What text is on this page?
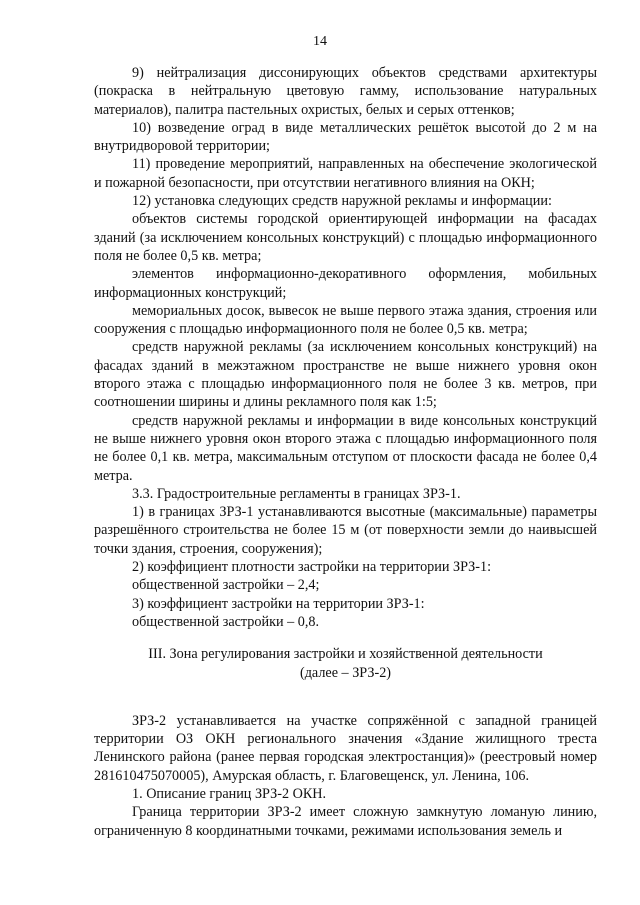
14

9) нейтрализация диссонирующих объектов средствами архитектуры (покраска в нейтральную цветовую гамму, использование натуральных материалов), палитра пастельных охристых, белых и серых оттенков;

10) возведение оград в виде металлических решёток высотой до 2 м на внутридворовой территории;

11) проведение мероприятий, направленных на обеспечение экологической и пожарной безопасности, при отсутствии негативного влияния на ОКН;

12) установка следующих средств наружной рекламы и информации:

объектов системы городской ориентирующей информации на фасадах зданий (за исключением консольных конструкций) с площадью информационного поля не более 0,5 кв. метра;

элементов информационно-декоративного оформления, мобильных информационных конструкций;

мемориальных досок, вывесок не выше первого этажа здания, строения или сооружения с площадью информационного поля не более 0,5 кв. метра;

средств наружной рекламы (за исключением консольных конструкций) на фасадах зданий в межэтажном пространстве не выше нижнего уровня окон второго этажа с площадью информационного поля не более 3 кв. метров, при соотношении ширины и длины рекламного поля как 1:5;

средств наружной рекламы и информации в виде консольных конструкций не выше нижнего уровня окон второго этажа с площадью информационного поля не более 0,1 кв. метра, максимальным отступом от плоскости фасада не более 0,4 метра.

3.3. Градостроительные регламенты в границах ЗРЗ-1.

1) в границах ЗРЗ-1 устанавливаются высотные (максимальные) параметры разрешённого строительства не более 15 м (от поверхности земли до наивысшей точки здания, строения, сооружения);

2) коэффициент плотности застройки на территории ЗРЗ-1:

общественной застройки – 2,4;

3) коэффициент застройки на территории ЗРЗ-1:

общественной застройки – 0,8.

III. Зона регулирования застройки и хозяйственной деятельности
(далее – ЗРЗ-2)

ЗРЗ-2 устанавливается на участке сопряжённой с западной границей территории ОЗ ОКН регионального значения «Здание жилищного треста Ленинского района (ранее первая городская электростанция)» (реестровый номер 281610475070005), Амурская область, г. Благовещенск, ул. Ленина, 106.

1. Описание границ ЗРЗ-2 ОКН.

Граница территории ЗРЗ-2 имеет сложную замкнутую ломаную линию, ограниченную 8 координатными точками, режимами использования земель и
